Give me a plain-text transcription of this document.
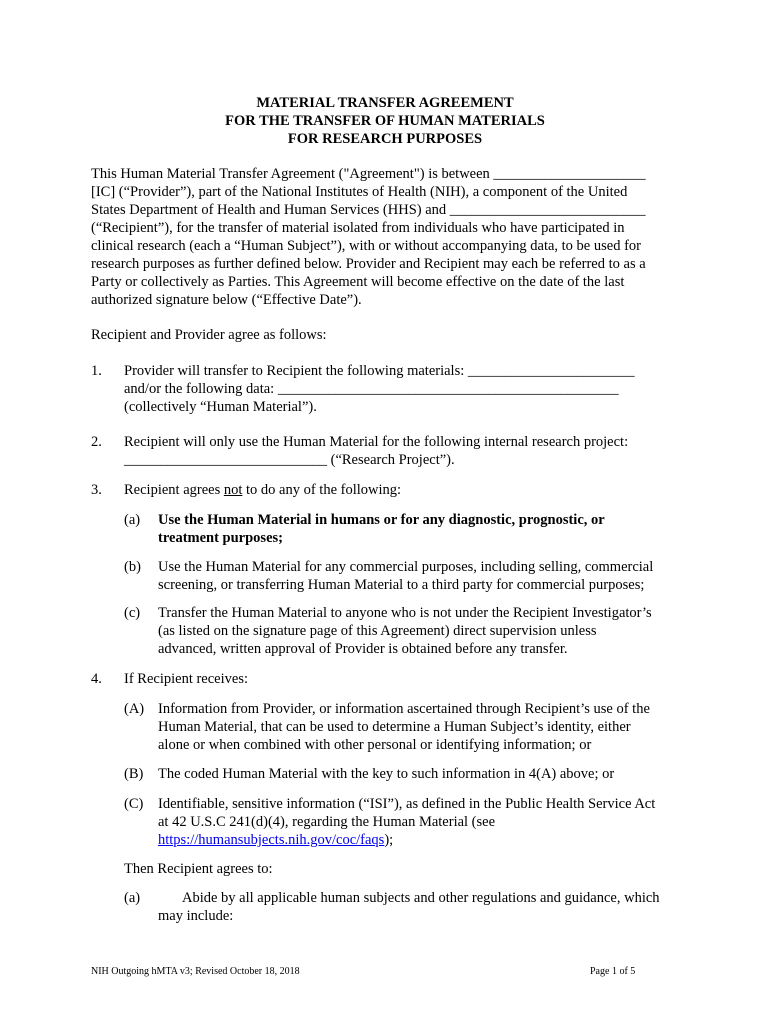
MATERIAL TRANSFER AGREEMENT
FOR THE TRANSFER OF HUMAN MATERIALS
FOR RESEARCH PURPOSES
This Human Material Transfer Agreement ("Agreement") is between _____________________
[IC] (“Provider”), part of the National Institutes of Health (NIH), a component of the United
States Department of Health and Human Services (HHS) and ___________________________
(“Recipient”), for the transfer of material isolated from individuals who have participated in
clinical research (each a “Human Subject”), with or without accompanying data, to be used for
research purposes as further defined below. Provider and Recipient may each be referred to as a
Party or collectively as Parties. This Agreement will become effective on the date of the last
authorized signature below (“Effective Date”).
Recipient and Provider agree as follows:
1. Provider will transfer to Recipient the following materials: _______________________
and/or the following data: _______________________________________________
(collectively “Human Material”).
2. Recipient will only use the Human Material for the following internal research project:
____________________________ (“Research Project”).
3. Recipient agrees not to do any of the following:
(a) Use the Human Material in humans or for any diagnostic, prognostic, or
treatment purposes;
(b) Use the Human Material for any commercial purposes, including selling, commercial
screening, or transferring Human Material to a third party for commercial purposes;
(c) Transfer the Human Material to anyone who is not under the Recipient Investigator’s
(as listed on the signature page of this Agreement) direct supervision unless
advanced, written approval of Provider is obtained before any transfer.
4. If Recipient receives:
(A) Information from Provider, or information ascertained through Recipient’s use of the
Human Material, that can be used to determine a Human Subject’s identity, either
alone or when combined with other personal or identifying information; or
(B) The coded Human Material with the key to such information in 4(A) above; or
(C) Identifiable, sensitive information (“ISI”), as defined in the Public Health Service Act
at 42 U.S.C 241(d)(4), regarding the Human Material (see
https://humansubjects.nih.gov/coc/faqs);
Then Recipient agrees to:
(a)	Abide by all applicable human subjects and other regulations and guidance, which
may include:
NIH Outgoing hMTA v3; Revised October 18, 2018	Page 1 of 5
